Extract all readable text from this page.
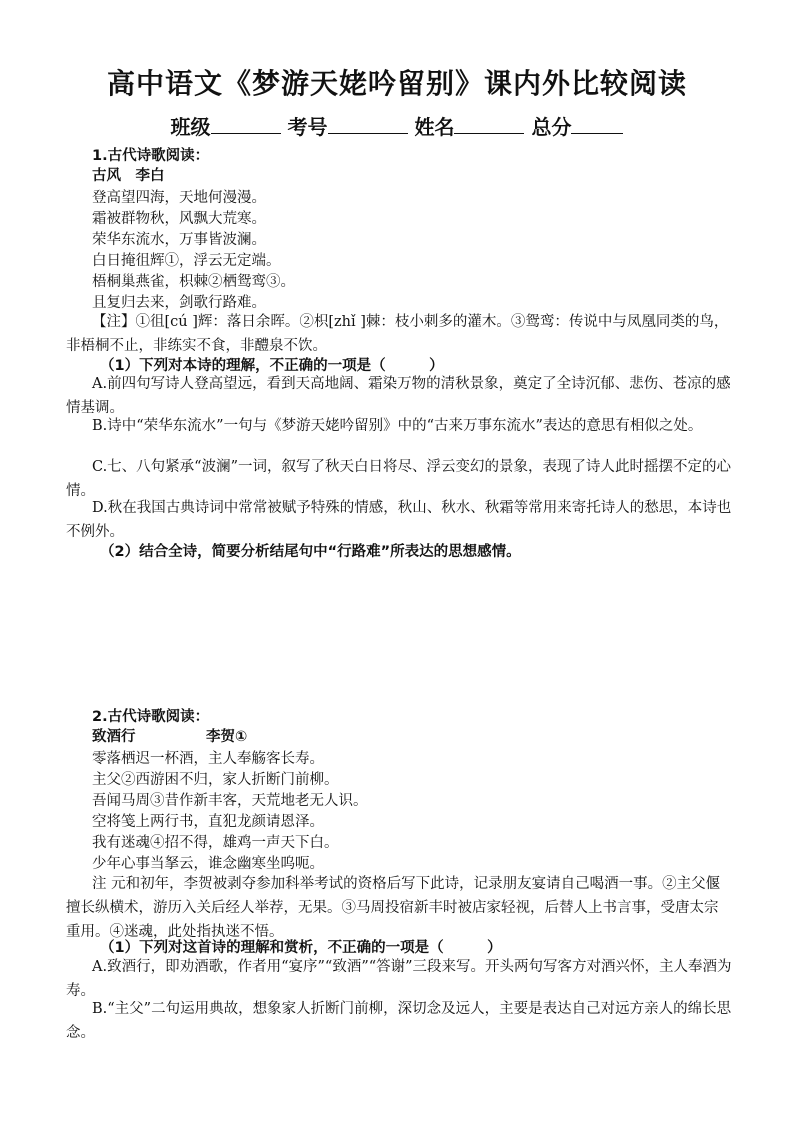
高中语文《梦游天姥吟留别》课内外比较阅读
班级	考号	姓名	总分
1.古代诗歌阅读：
古风　李白
登高望四海，天地何漫漫。
霜被群物秋，风飘大荒寒。
荣华东流水，万事皆波澜。
白日掩徂辉①，浮云无定端。
梧桐巢燕雀，枳棘②栖鸳鸾③。
且复归去来，剑歌行路难。
【注】①徂[cú ]辉：落日余晖。②枳[zhǐ ]棘：枝小刺多的灌木。③鸳鸾：传说中与凤凰同类的鸟，非梧桐不止，非练实不食，非醴泉不饮。
（1）下列对本诗的理解，不正确的一项是（　　　）
A.前四句写诗人登高望远，看到天高地阔、霜染万物的清秋景象，奠定了全诗沉郁、悲伤、苍凉的感情基调。
B.诗中“荣华东流水”一句与《梦游天姥吟留别》中的“古来万事东流水”表达的意思有相似之处。
C.七、八句紧承“波澜”一词，叙写了秋天白日将尽、浮云变幻的景象，表现了诗人此时摇摆不定的心情。
D.秋在我国古典诗词中常常被赋予特殊的情感，秋山、秋水、秋霜等常用来寄托诗人的愁思，本诗也不例外。
（2）结合全诗，简要分析结尾句中“行路难”所表达的思想感情。
2.古代诗歌阅读：
致酒行	李贺①
零落栖迟一杯酒，主人奉觞客长寿。
主父②西游困不归，家人折断门前柳。
吾闻马周③昔作新丰客，天荒地老无人识。
空将笺上两行书，直犯龙颜请恩泽。
我有迷魂④招不得，雄鸡一声天下白。
少年心事当拏云，谁念幽寒坐呜呃。
注 元和初年，李贺被剥夺参加科举考试的资格后写下此诗，记录朋友宴请自己喝酒一事。②主父偃擅长纵横术，游历入关后经人举荐，无果。③马周投宿新丰时被店家轻视，后替人上书言事，受唐太宗重用。④迷魂，此处指执迷不悟。
（1）下列对这首诗的理解和赏析，不正确的一项是（　　　）
A.致酒行，即劝酒歌，作者用“宴序”“致酒”“答谢”三段来写。开头两句写客方对酒兴怀，主人奉酒为寿。
B.“主父”二句运用典故，想象家人折断门前柳，深切念及远人，主要是表达自己对远方亲人的绵长思念。
